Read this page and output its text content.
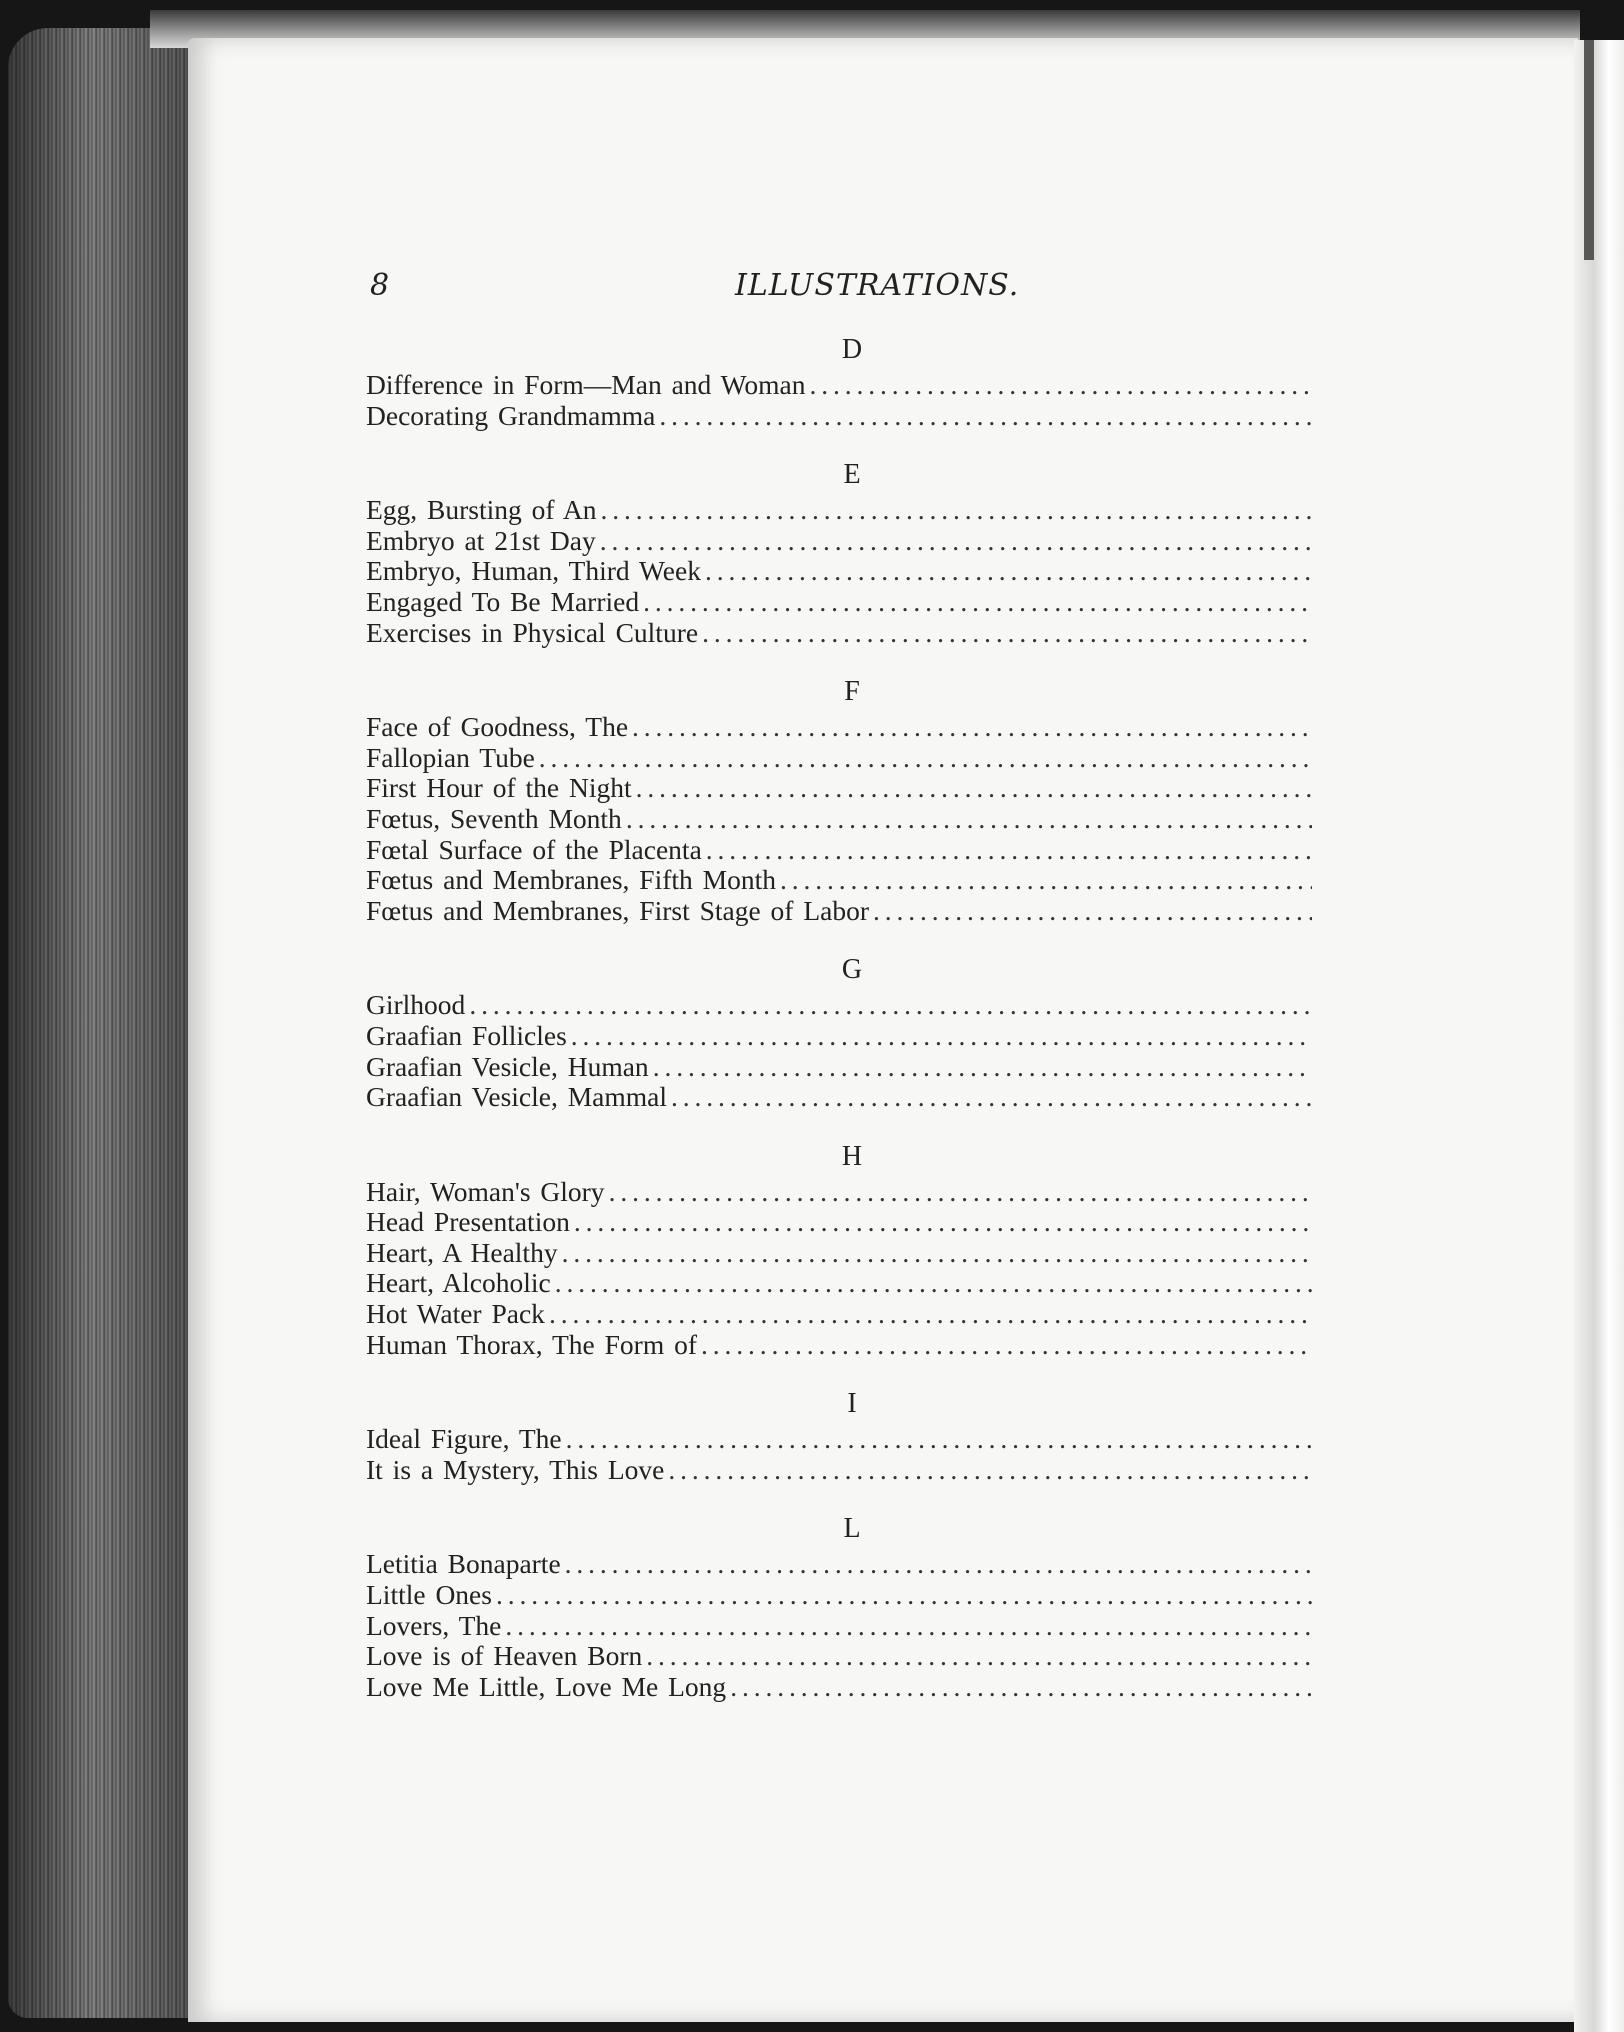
8	ILLUSTRATIONS.
D
Difference in Form—Man and Woman
. . .
Decorating Grandmamma
. . .
E
Egg, Bursting of An
. . .
Embryo at 21st Day
. . .
Embryo, Human, Third Week
. . .
Engaged To Be Married
. . .
Exercises in Physical Culture
. . .
F
Face of Goodness, The
. . .
Fallopian Tube
. . .
First Hour of the Night
. . .
Fœtus, Seventh Month
. . .
Fœtal Surface of the Placenta
. . .
Fœtus and Membranes, Fifth Month
. . .
Fœtus and Membranes, First Stage of Labor
. . .
G
Girlhood
. . .
Graafian Follicles
. . .
Graafian Vesicle, Human
. . .
Graafian Vesicle, Mammal
. . .
H
Hair, Woman's Glory
. . .
Head Presentation
. . .
Heart, A Healthy
. . .
Heart, Alcoholic
. . .
Hot Water Pack
. . .
Human Thorax, The Form of
. . .
I
Ideal Figure, The
. . .
It is a Mystery, This Love
. . .
L
Letitia Bonaparte
. . .
Little Ones
. . .
Lovers, The
. . .
Love is of Heaven Born
. . .
Love Me Little, Love Me Long
. . .
